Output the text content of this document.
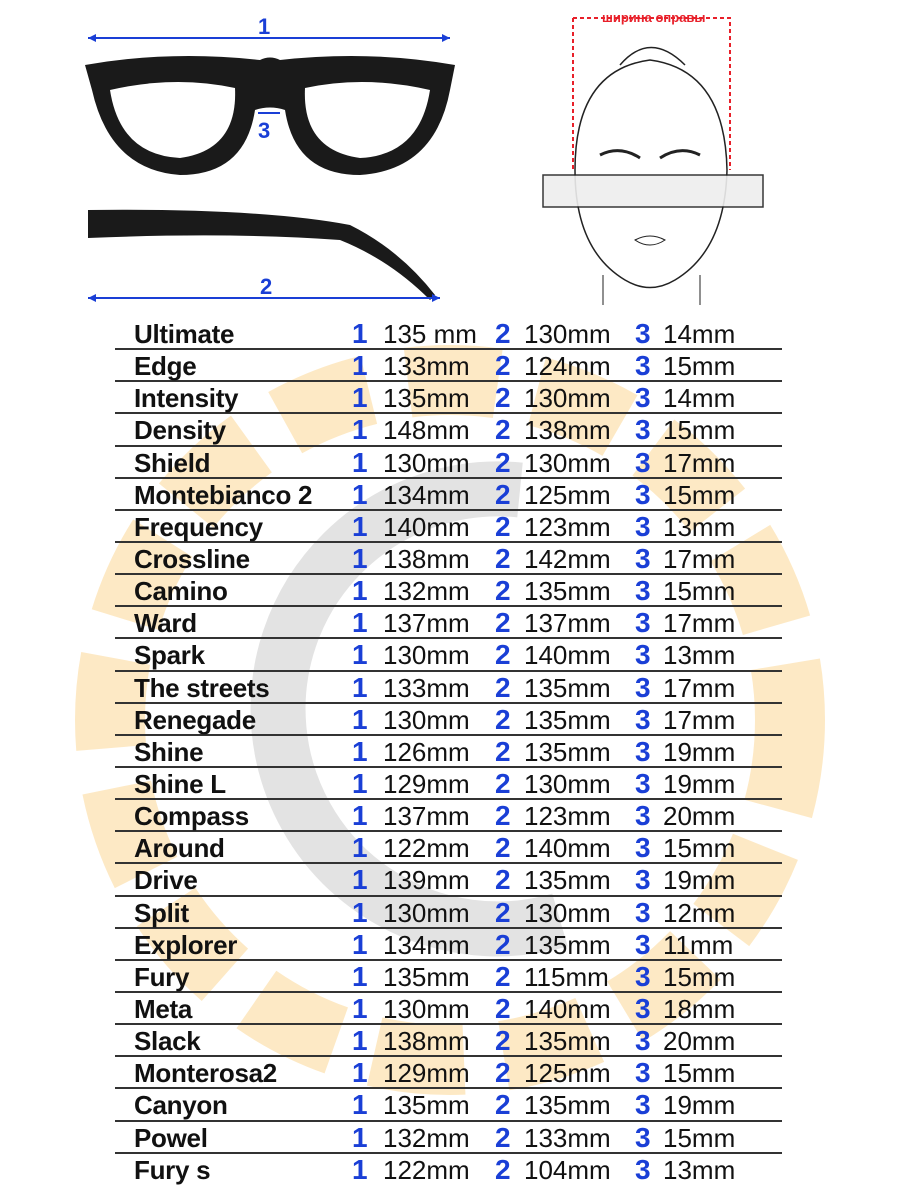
1
3
2
ширина оправы
Ultimate	1 135 mm 2 130mm 3 14mm
Edge	1 133mm 2 124mm 3 15mm
Intensity	1 135mm 2 130mm 3 14mm
Density	1 148mm 2 138mm 3 15mm
Shield	1 130mm 2 130mm 3 17mm
Montebianco 2 1 134mm 2 125mm 3 15mm
Frequency	1 140mm 2 123mm 3 13mm
Crossline	1 138mm 2 142mm 3 17mm
Camino	1 132mm 2 135mm 3 15mm
Ward	1 137mm 2 137mm 3 17mm
Spark	1 130mm 2 140mm 3 13mm
The streets	1 133mm 2 135mm 3 17mm
Renegade	1 130mm 2 135mm 3 17mm
Shine	1 126mm 2 135mm 3 19mm
Shine L	1 129mm 2 130mm 3 19mm
Compass	1 137mm 2 123mm 3 20mm
Around	1 122mm 2 140mm 3 15mm
Drive	1 139mm 2 135mm 3 19mm
Split	1 130mm 2 130mm 3 12mm
Explorer	1 134mm 2 135mm 3 11mm
Fury	1 135mm 2 115mm 3 15mm
Meta	1 130mm 2 140mm 3 18mm
Slack	1 138mm 2 135mm 3 20mm
Monterosa2	1 129mm 2 125mm 3 15mm
Canyon	1 135mm 2 135mm 3 19mm
Powel	1 132mm 2 133mm 3 15mm
Fury s	1 122mm 2 104mm 3 13mm
